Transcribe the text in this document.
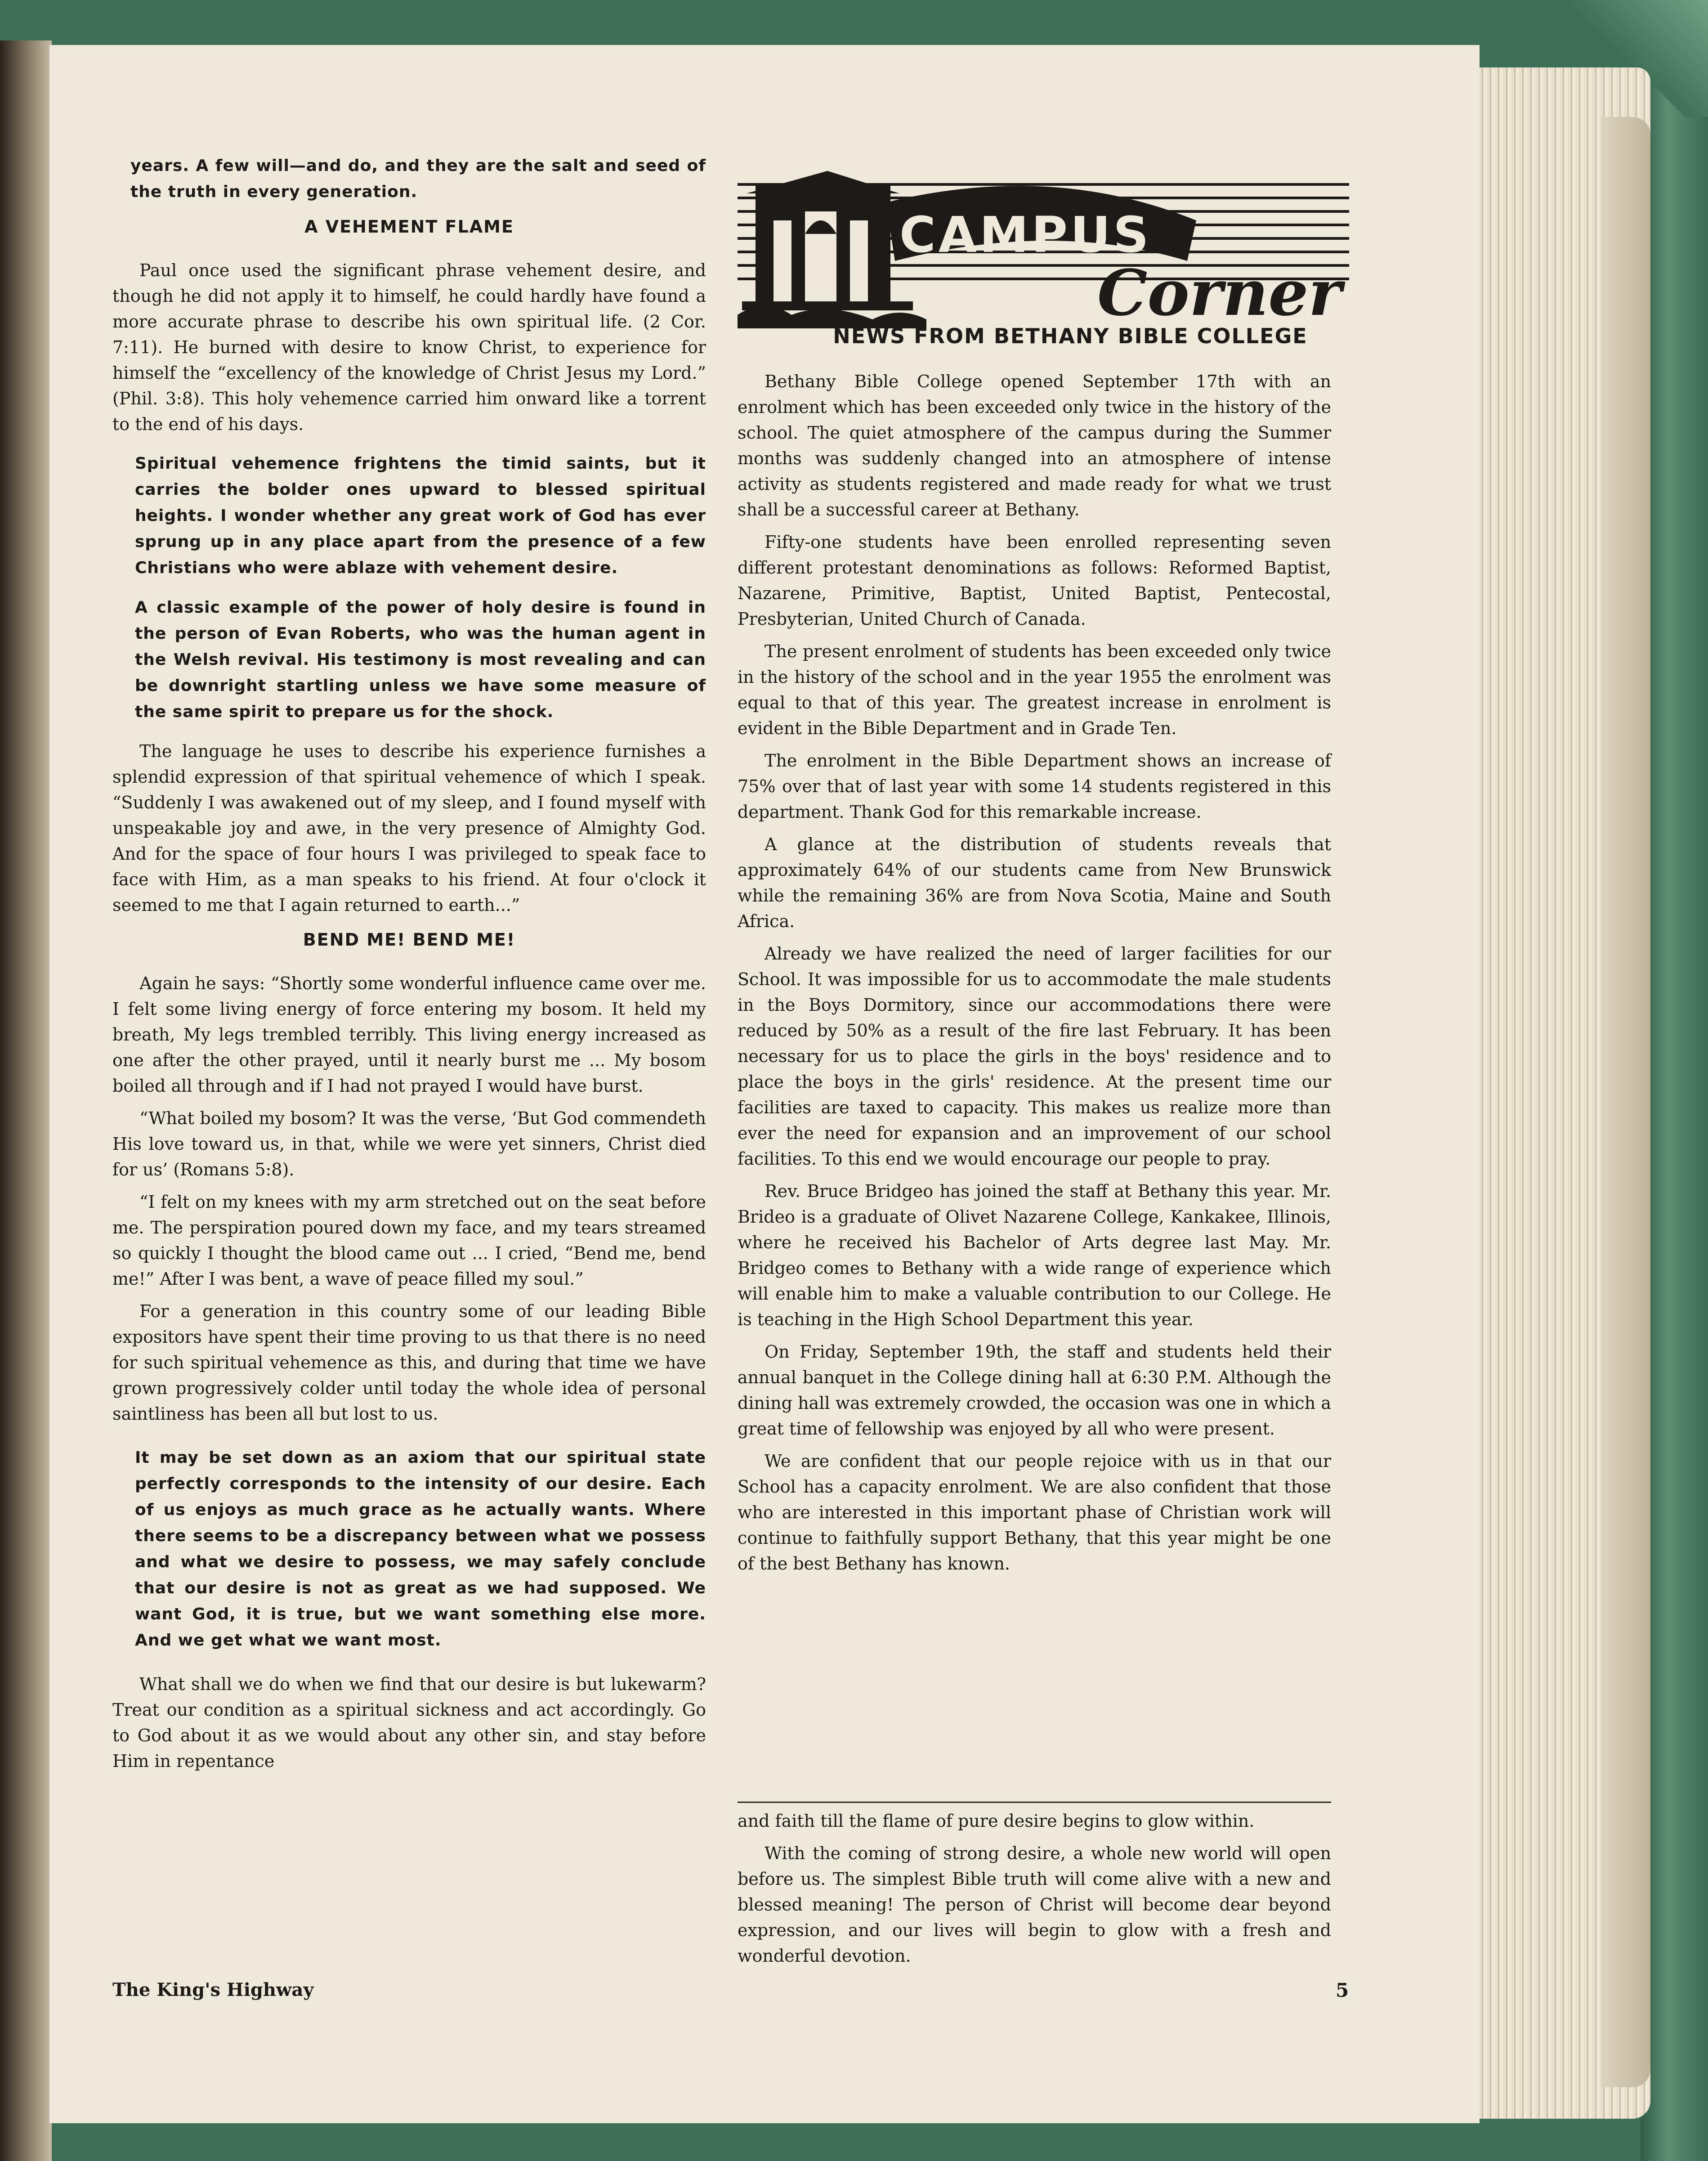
years. A few will—and do, and they are the salt and seed of the truth in every generation.

A VEHEMENT FLAME

Paul once used the significant phrase vehement desire, and though he did not apply it to himself, he could hardly have found a more accurate phrase to describe his own spiritual life. (2 Cor. 7:11). He burned with desire to know Christ, to experience for himself the “excellency of the knowledge of Christ Jesus my Lord.” (Phil. 3:8). This holy vehemence carried him onward like a torrent to the end of his days.

Spiritual vehemence frightens the timid saints, but it carries the bolder ones upward to blessed spiritual heights. I wonder whether any great work of God has ever sprung up in any place apart from the presence of a few Christians who were ablaze with vehement desire.

A classic example of the power of holy desire is found in the person of Evan Roberts, who was the human agent in the Welsh revival. His testimony is most revealing and can be downright startling unless we have some measure of the same spirit to prepare us for the shock.

The language he uses to describe his experience furnishes a splendid expression of that spiritual vehemence of which I speak. “Suddenly I was awakened out of my sleep, and I found myself with unspeakable joy and awe, in the very presence of Almighty God. And for the space of four hours I was privileged to speak face to face with Him, as a man speaks to his friend. At four o'clock it seemed to me that I again returned to earth...”

BEND ME! BEND ME!

Again he says: “Shortly some wonderful influence came over me. I felt some living energy of force entering my bosom. It held my breath, My legs trembled terribly. This living energy increased as one after the other prayed, until it nearly burst me ... My bosom boiled all through and if I had not prayed I would have burst.

“What boiled my bosom? It was the verse, ‘But God commendeth His love toward us, in that, while we were yet sinners, Christ died for us’ (Romans 5:8).

“I felt on my knees with my arm stretched out on the seat before me. The perspiration poured down my face, and my tears streamed so quickly I thought the blood came out ... I cried, “Bend me, bend me!” After I was bent, a wave of peace filled my soul.”

For a generation in this country some of our leading Bible expositors have spent their time proving to us that there is no need for such spiritual vehemence as this, and during that time we have grown progressively colder until today the whole idea of personal saintliness has been all but lost to us.

It may be set down as an axiom that our spiritual state perfectly corresponds to the intensity of our desire. Each of us enjoys as much grace as he actually wants. Where there seems to be a discrepancy between what we possess and what we desire to possess, we may safely conclude that our desire is not as great as we had supposed. We want God, it is true, but we want something else more. And we get what we want most.

What shall we do when we find that our desire is but lukewarm? Treat our condition as a spiritual sickness and act accordingly. Go to God about it as we would about any other sin, and stay before Him in repentance

CAMPUS
Corner
NEWS FROM BETHANY BIBLE COLLEGE

Bethany Bible College opened September 17th with an enrolment which has been exceeded only twice in the history of the school. The quiet atmosphere of the campus during the Summer months was suddenly changed into an atmosphere of intense activity as students registered and made ready for what we trust shall be a successful career at Bethany.

Fifty-one students have been enrolled representing seven different protestant denominations as follows: Reformed Baptist, Nazarene, Primitive, Baptist, United Baptist, Pentecostal, Presbyterian, United Church of Canada.

The present enrolment of students has been exceeded only twice in the history of the school and in the year 1955 the enrolment was equal to that of this year. The greatest increase in enrolment is evident in the Bible Department and in Grade Ten.

The enrolment in the Bible Department shows an increase of 75% over that of last year with some 14 students registered in this department. Thank God for this remarkable increase.

A glance at the distribution of students reveals that approximately 64% of our students came from New Brunswick while the remaining 36% are from Nova Scotia, Maine and South Africa.

Already we have realized the need of larger facilities for our School. It was impossible for us to accommodate the male students in the Boys Dormitory, since our accommodations there were reduced by 50% as a result of the fire last February. It has been necessary for us to place the girls in the boys' residence and to place the boys in the girls' residence. At the present time our facilities are taxed to capacity. This makes us realize more than ever the need for expansion and an improvement of our school facilities. To this end we would encourage our people to pray.

Rev. Bruce Bridgeo has joined the staff at Bethany this year. Mr. Brideo is a graduate of Olivet Nazarene College, Kankakee, Illinois, where he received his Bachelor of Arts degree last May. Mr. Bridgeo comes to Bethany with a wide range of experience which will enable him to make a valuable contribution to our College. He is teaching in the High School Department this year.

On Friday, September 19th, the staff and students held their annual banquet in the College dining hall at 6:30 P.M. Although the dining hall was extremely crowded, the occasion was one in which a great time of fellowship was enjoyed by all who were present.

We are confident that our people rejoice with us in that our School has a capacity enrolment. We are also confident that those who are interested in this important phase of Christian work will continue to faithfully support Bethany, that this year might be one of the best Bethany has known.

and faith till the flame of pure desire begins to glow within.

With the coming of strong desire, a whole new world will open before us. The simplest Bible truth will come alive with a new and blessed meaning! The person of Christ will become dear beyond expression, and our lives will begin to glow with a fresh and wonderful devotion.

The King's Highway	5
